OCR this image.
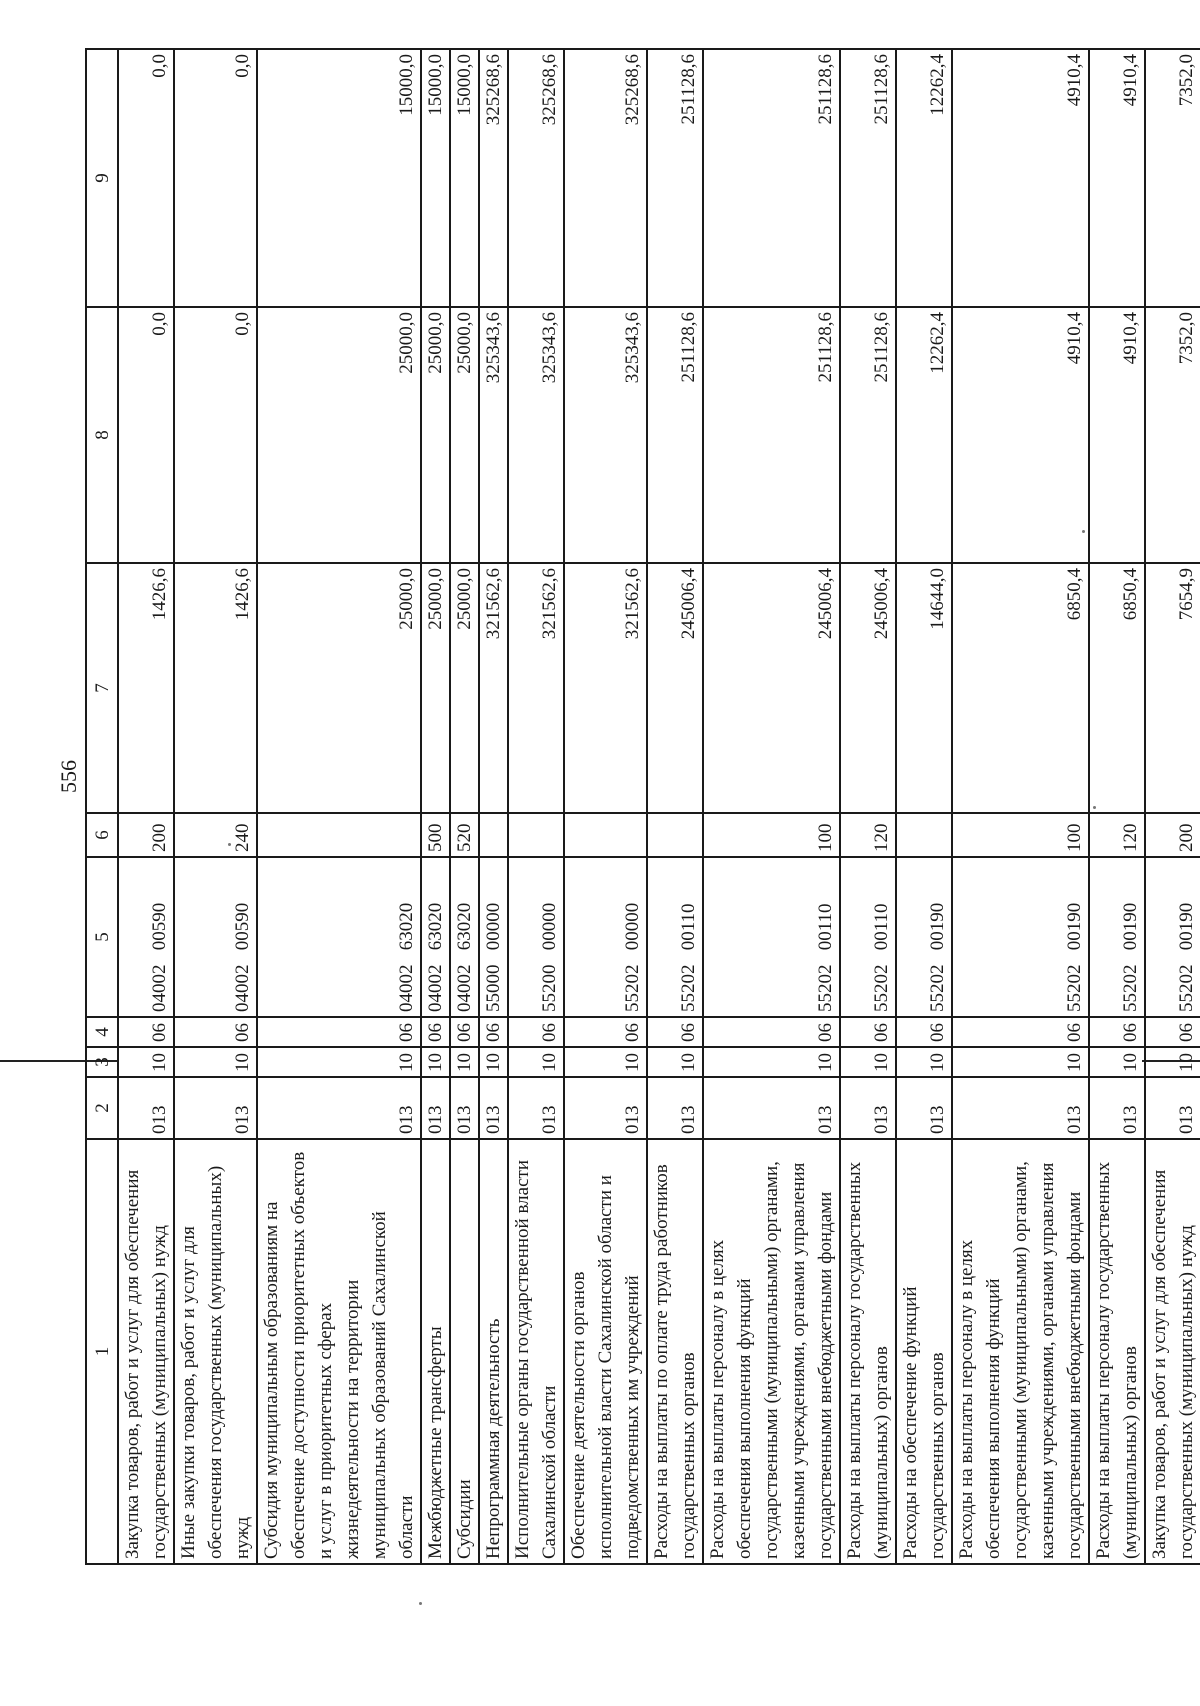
556
1	2	3	4	5	6	7	8	9
Закупка товаров, работ и услуг для обеспечения государственных (муниципальных) нужд	013	10	06	04002   00590	200	1426,6	0,0	0,0
Иные закупки товаров, работ и услуг для обеспечения государственных (муниципальных) нужд	013	10	06	04002   00590	240	1426,6	0,0	0,0
Субсидия муниципальным образованиям на обеспечение доступности приоритетных объектов и услуг в приоритетных сферах жизнедеятельности на территории муниципальных образований Сахалинской области	013	10	06	04002   63020		25000,0	25000,0	15000,0
Межбюджетные трансферты	013	10	06	04002   63020	500	25000,0	25000,0	15000,0
Субсидии	013	10	06	04002   63020	520	25000,0	25000,0	15000,0
Непрограммная деятельность	013	10	06	55000   00000		321562,6	325343,6	325268,6
Исполнительные органы государственной власти Сахалинской области	013	10	06	55200   00000		321562,6	325343,6	325268,6
Обеспечение деятельности органов исполнительной власти Сахалинской области и подведомственных им учреждений	013	10	06	55202   00000		321562,6	325343,6	325268,6
Расходы на выплаты по оплате труда работников государственных органов	013	10	06	55202   00110		245006,4	251128,6	251128,6
Расходы на выплаты персоналу в целях обеспечения выполнения функций государственными (муниципальными) органами, казенными учреждениями, органами управления государственными внебюджетными фондами	013	10	06	55202   00110	100	245006,4	251128,6	251128,6
Расходы на выплаты персоналу государственных (муниципальных) органов	013	10	06	55202   00110	120	245006,4	251128,6	251128,6
Расходы на обеспечение функций государственных органов	013	10	06	55202   00190		14644,0	12262,4	12262,4
Расходы на выплаты персоналу в целях обеспечения выполнения функций государственными (муниципальными) органами, казенными учреждениями, органами управления государственными внебюджетными фондами	013	10	06	55202   00190	100	6850,4	4910,4	4910,4
Расходы на выплаты персоналу государственных (муниципальных) органов	013	10	06	55202   00190	120	6850,4	4910,4	4910,4
Закупка товаров, работ и услуг для обеспечения государственных (муниципальных) нужд	013	10	06	55202   00190	200	7654,9	7352,0	7352,0
